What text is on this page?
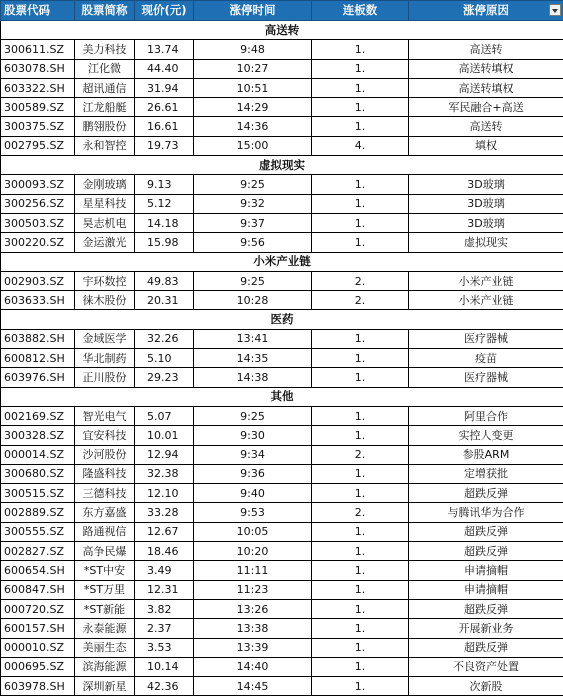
股票代码	股票简称	现价(元)	涨停时间	连板数	涨停原因

高送转					
300611.SZ	美力科技	13.74	9:48	1.	高送转
603078.SH	江化微	44.40	10:27	1.	高送转填权
603322.SH	超讯通信	31.94	10:51	1.	高送转填权
300589.SZ	江龙船艇	26.61	14:29	1.	军民融合+高送
300375.SZ	鹏翎股份	16.61	14:36	1.	高送转
002795.SZ	永和智控	19.73	15:00	4.	填权
虚拟现实					
300093.SZ	金刚玻璃	9.13	9:25	1.	3D玻璃
300256.SZ	星星科技	5.12	9:32	1.	3D玻璃
300503.SZ	昊志机电	14.18	9:37	1.	3D玻璃
300220.SZ	金运激光	15.98	9:56	1.	虚拟现实
小米产业链					
002903.SZ	宇环数控	49.83	9:25	2.	小米产业链
603633.SH	徕木股份	20.31	10:28	2.	小米产业链
医药					
603882.SH	金域医学	32.26	13:41	1.	医疗器械
600812.SH	华北制药	5.10	14:35	1.	疫苗
603976.SH	正川股份	29.23	14:38	1.	医疗器械
其他					
002169.SZ	智光电气	5.07	9:25	1.	阿里合作
300328.SZ	宜安科技	10.01	9:30	1.	实控人变更
000014.SZ	沙河股份	12.94	9:34	2.	参股ARM
300680.SZ	隆盛科技	32.38	9:36	1.	定增获批
300515.SZ	三德科技	12.10	9:40	1.	超跌反弹
002889.SZ	东方嘉盛	33.28	9:53	2.	与腾讯华为合作
300555.SZ	路通视信	12.67	10:05	1.	超跌反弹
002827.SZ	高争民爆	18.46	10:20	1.	超跌反弹
600654.SH	*ST中安	3.49	11:11	1.	申请摘帽
600847.SH	*ST万里	12.31	11:23	1.	申请摘帽
000720.SZ	*ST新能	3.82	13:26	1.	超跌反弹
600157.SH	永泰能源	2.37	13:38	1.	开展新业务
000010.SZ	美丽生态	3.53	13:39	1.	超跌反弹
000695.SZ	滨海能源	10.14	14:40	1.	不良资产处置
603978.SH	深圳新星	42.36	14:45	1.	次新股
